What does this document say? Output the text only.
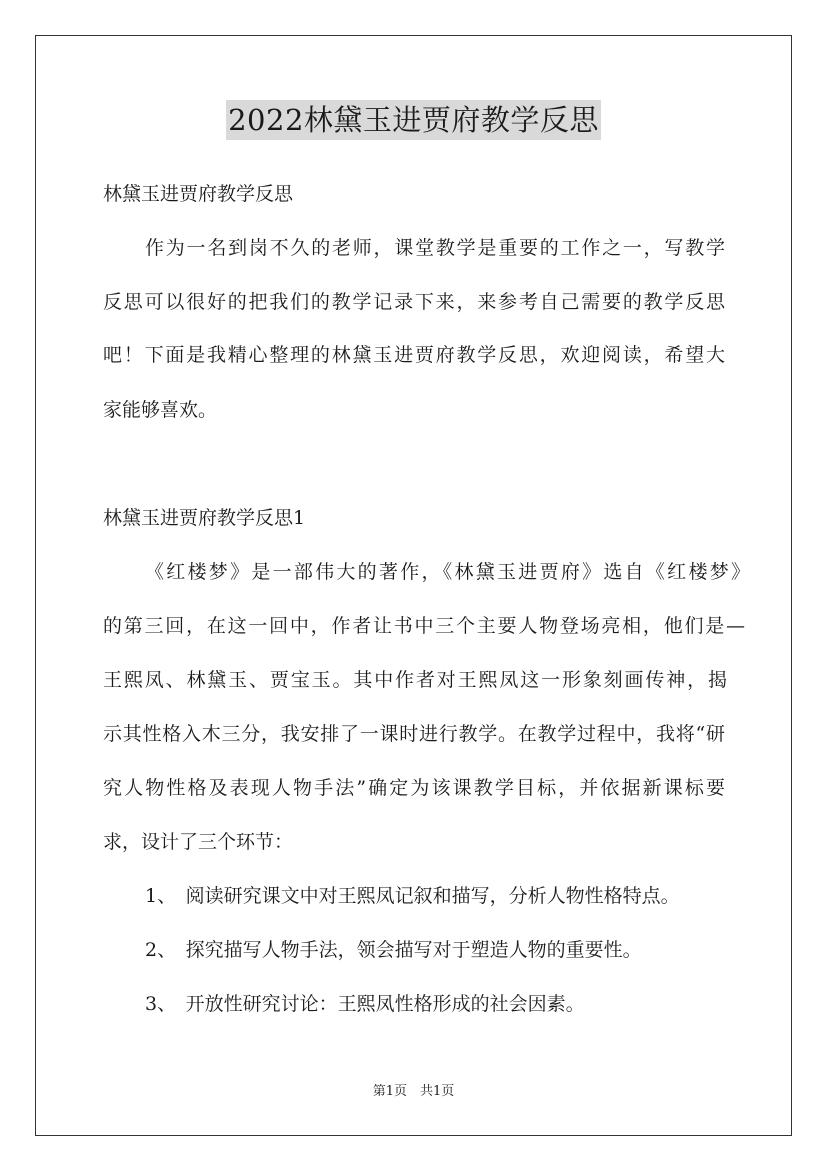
2022林黛玉进贾府教学反思
林黛玉进贾府教学反思
作为一名到岗不久的老师，课堂教学是重要的工作之一，写教学
反思可以很好的把我们的教学记录下来，来参考自己需要的教学反思
吧！下面是我精心整理的林黛玉进贾府教学反思，欢迎阅读，希望大
家能够喜欢。
林黛玉进贾府教学反思1
《红楼梦》是一部伟大的著作，《林黛玉进贾府》选自《红楼梦》
的第三回，在这一回中，作者让书中三个主要人物登场亮相，他们是—
王熙凤、林黛玉、贾宝玉。其中作者对王熙凤这一形象刻画传神，揭
示其性格入木三分，我安排了一课时进行教学。在教学过程中，我将“研
究人物性格及表现人物手法”确定为该课教学目标，并依据新课标要
求，设计了三个环节：
1、　阅读研究课文中对王熙凤记叙和描写，分析人物性格特点。
2、　探究描写人物手法，领会描写对于塑造人物的重要性。
3、　开放性研究讨论：王熙凤性格形成的社会因素。
第1页　共1页
